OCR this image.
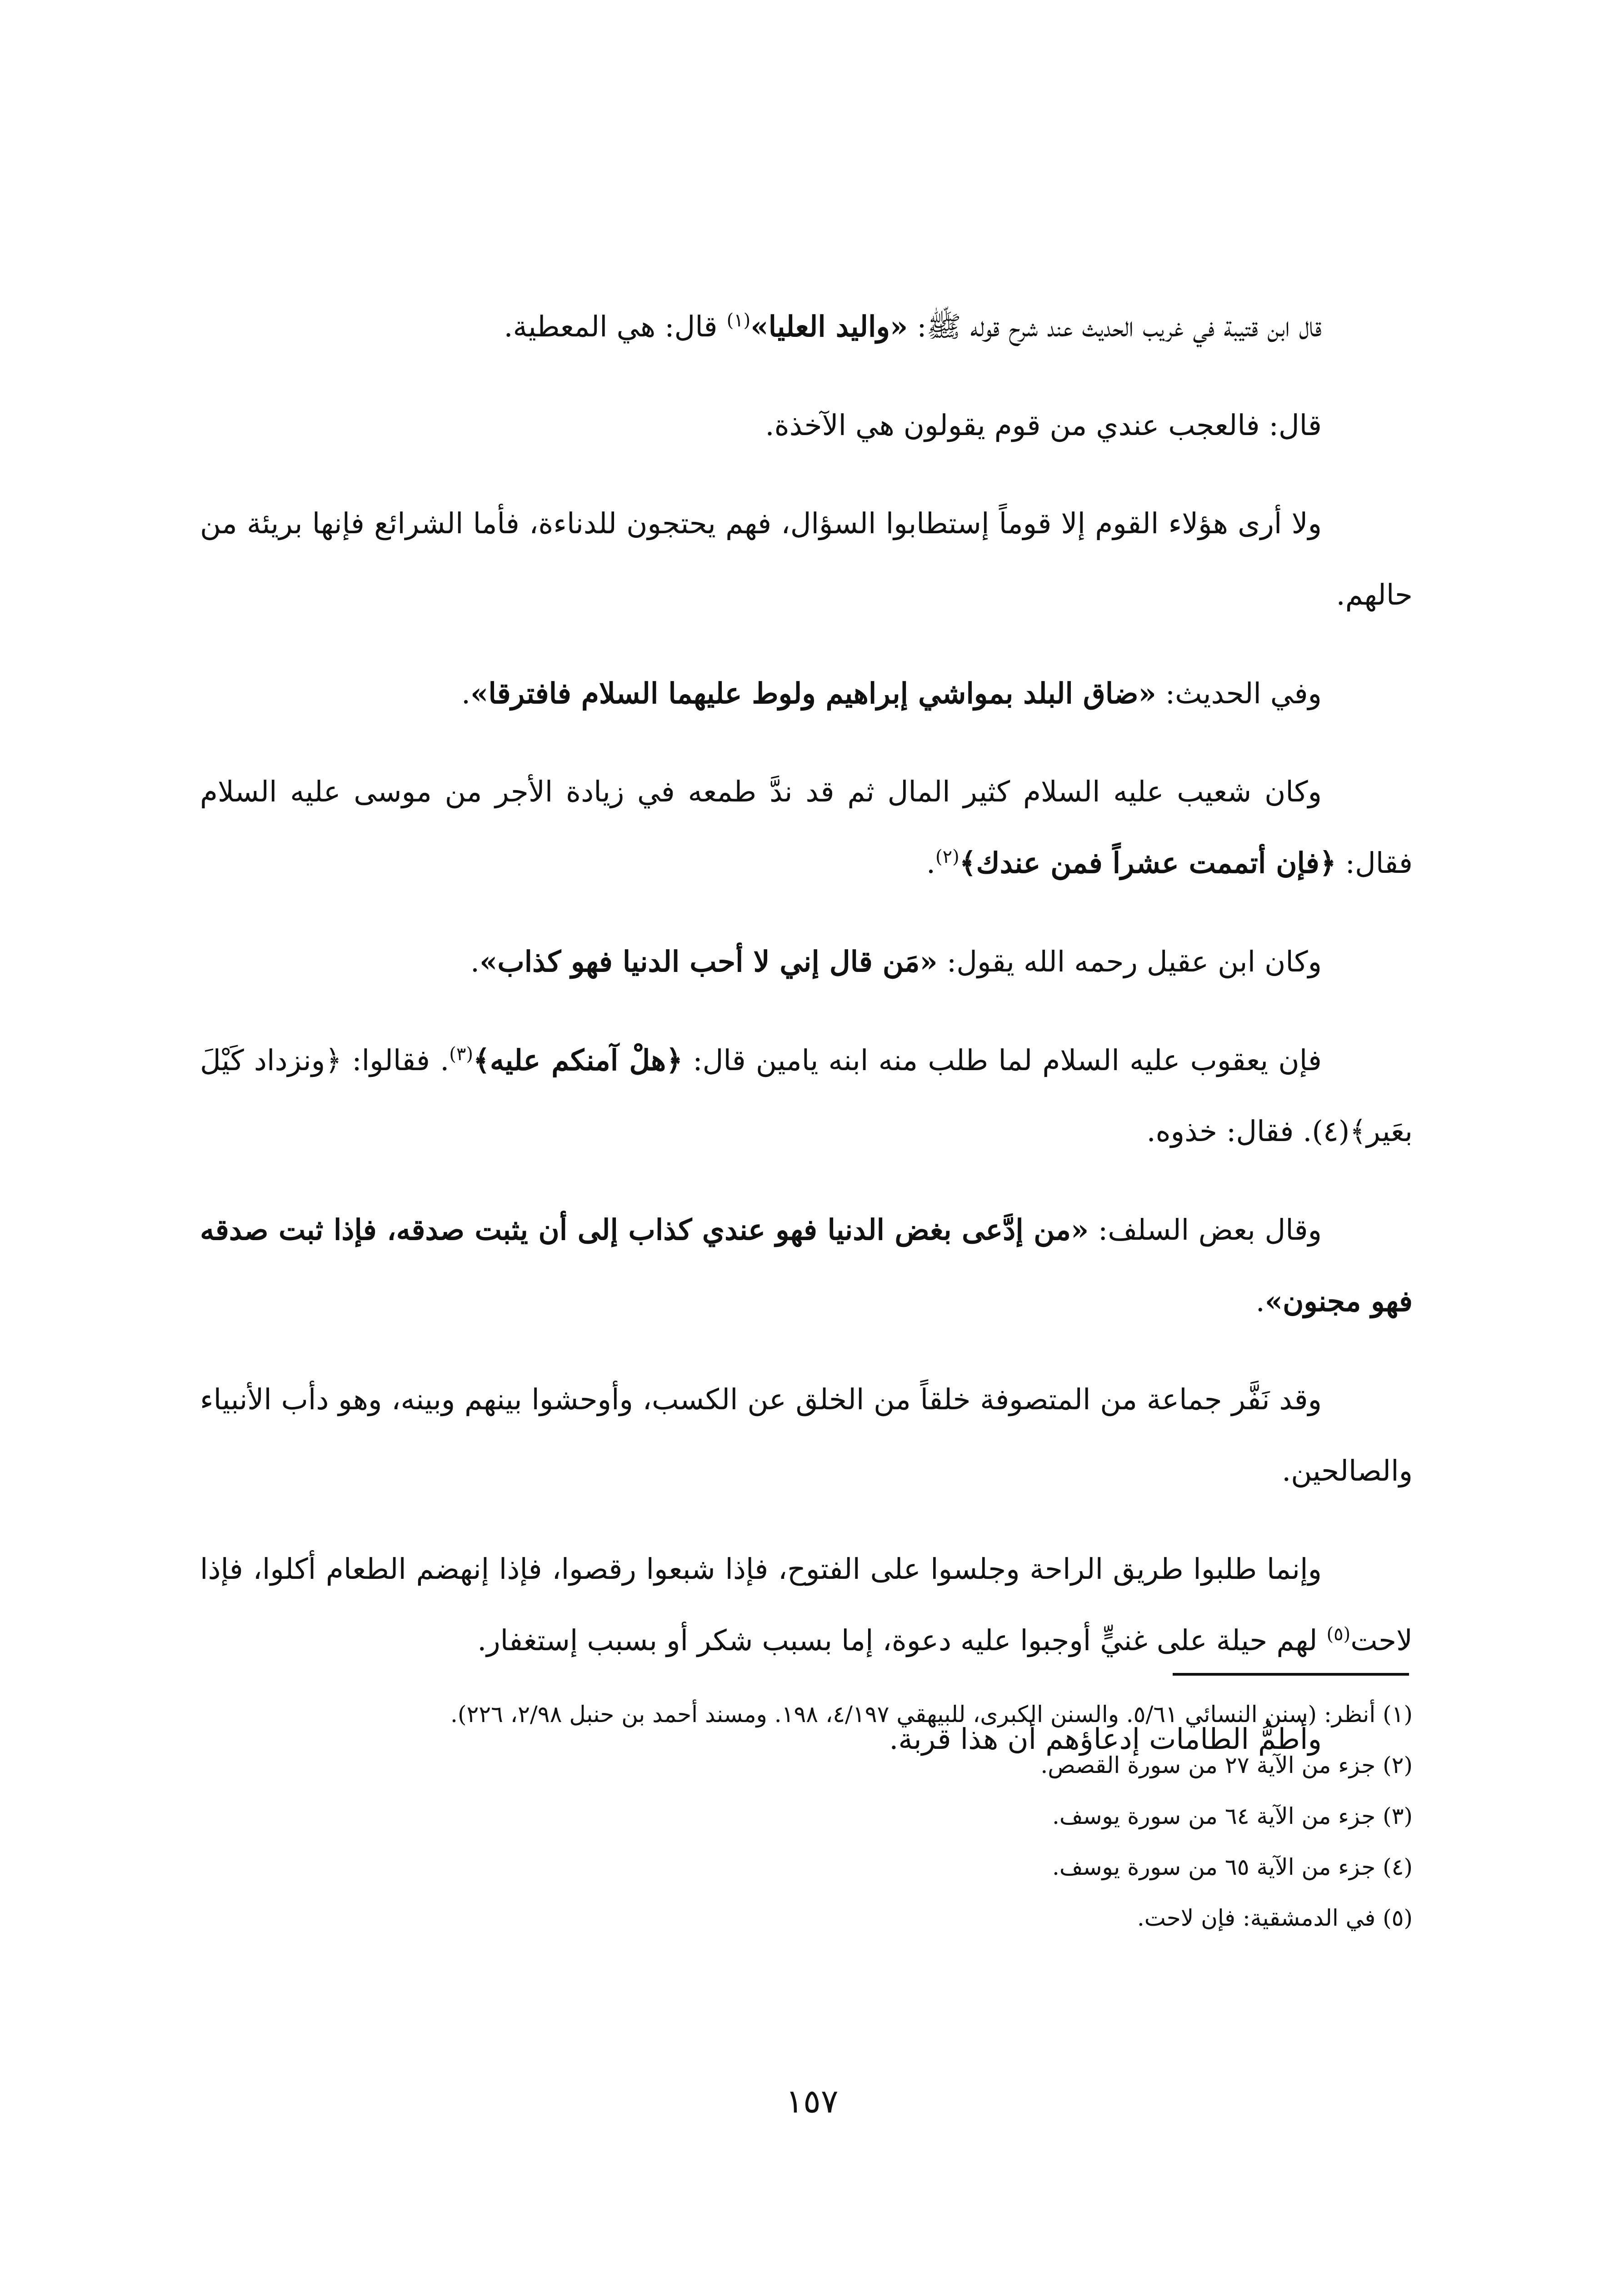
قال ابن قتيبة في غريب الحديث عند شرح قوله ﷺ: «واليد العليا»$^{(١)}$ قال: هي المعطية.

قال: فالعجب عندي من قوم يقولون هي الآخذة.

ولا أرى هؤلاء القوم إلا قوماً إستطابوا السؤال، فهم يحتجون للدناءة، فأما الشرائع فإنها بريئة من حالهم.

وفي الحديث: «ضاق البلد بمواشي إبراهيم ولوط عليهما السلام فافترقا».

وكان شعيب عليه السلام كثير المال ثم قد ندَّ طمعه في زيادة الأجر من موسى عليه السلام فقال: ﴿فإن أتممت عشراً فمن عندك﴾$^{(٢)}$.

وكان ابن عقيل رحمه الله يقول: «مَن قال إني لا أحب الدنيا فهو كذاب».

فإن يعقوب عليه السلام لما طلب منه ابنه يامين قال: ﴿هلْ آمنكم عليه﴾$^{(٣)}$. فقالوا: ﴿ونزداد كَيْلَ بعَير﴾(٤). فقال: خذوه.

وقال بعض السلف: «من إدَّعى بغض الدنيا فهو عندي كذاب إلى أن يثبت صدقه، فإذا ثبت صدقه فهو مجنون».

وقد نَفَّر جماعة من المتصوفة خلقاً من الخلق عن الكسب، وأوحشوا بينهم وبينه، وهو دأب الأنبياء والصالحين.

وإنما طلبوا طريق الراحة وجلسوا على الفتوح، فإذا شبعوا رقصوا، فإذا إنهضم الطعام أكلوا، فإذا لاحت$^{(٥)}$ لهم حيلة على غنيٍّ أوجبوا عليه دعوة، إما بسبب شكر أو بسبب إستغفار.

وأطمُّ الطامات إدعاؤهم أن هذا قربة.

(١) أنظر: (سنن النسائي ٥/٦١. والسنن الكبرى، للبيهقي ٤/١٩٧، ١٩٨. ومسند أحمد بن حنبل ٢/٩٨، ٢٢٦).

(٢) جزء من الآية ٢٧ من سورة القصص.

(٣) جزء من الآية ٦٤ من سورة يوسف.

(٤) جزء من الآية ٦٥ من سورة يوسف.

(٥) في الدمشقية: فإن لاحت.

١٥٧
